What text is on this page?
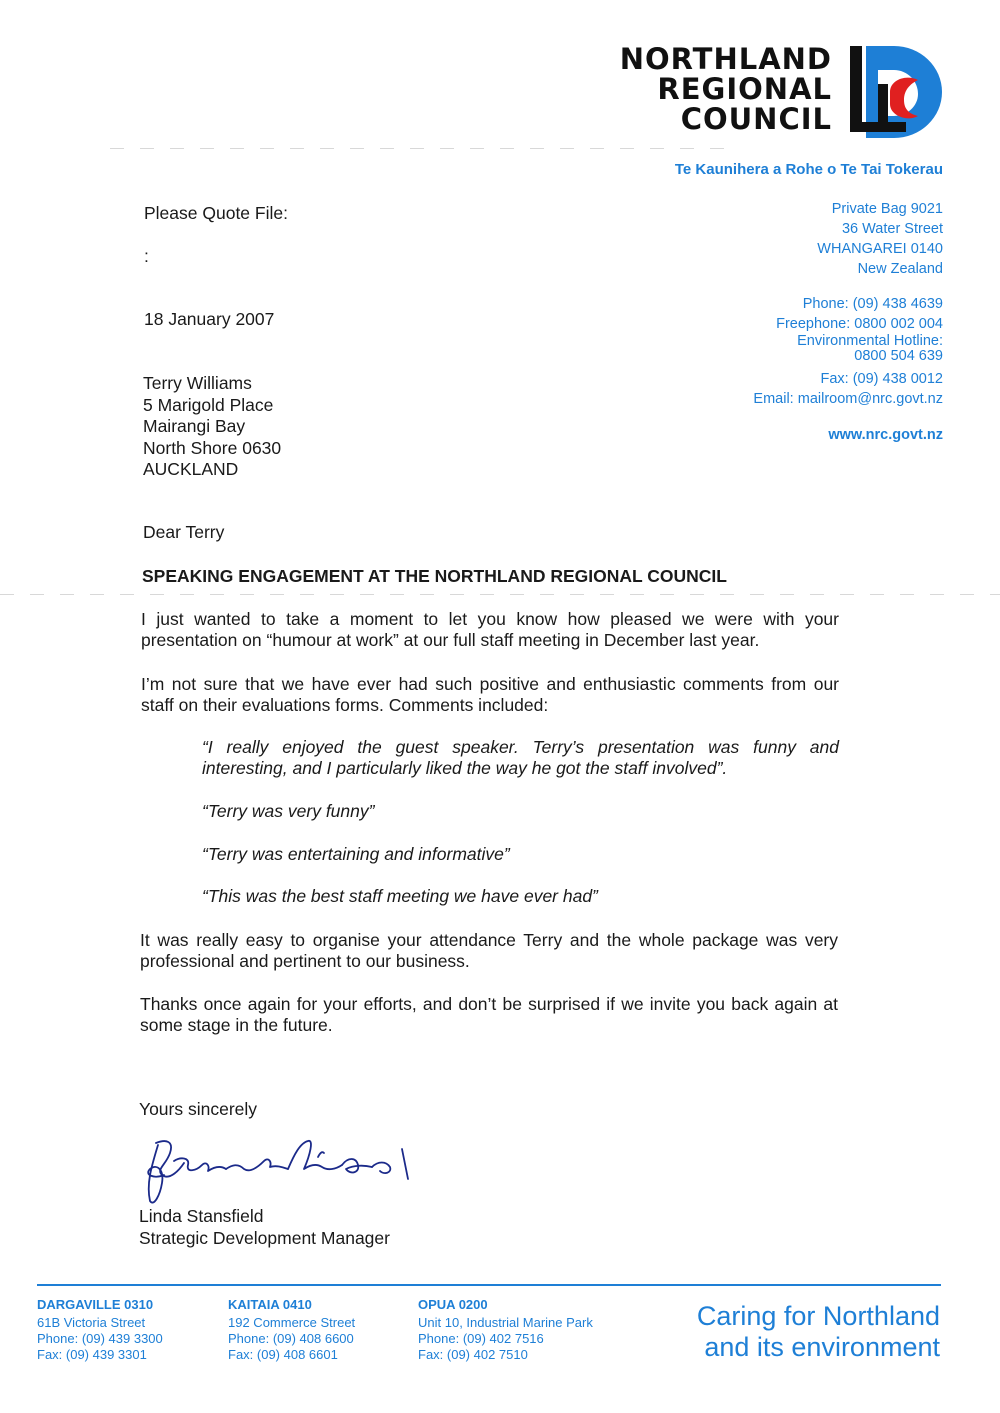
NORTHLAND
REGIONAL
COUNCIL
Te Kaunihera a Rohe o Te Tai Tokerau
Private Bag 9021
36 Water Street
WHANGAREI 0140
New Zealand
Phone: (09) 438 4639
Freephone: 0800 002 004
Environmental Hotline:
0800 504 639
Fax: (09) 438 0012
Email: mailroom@nrc.govt.nz
www.nrc.govt.nz
Please Quote File:
:
18 January 2007
Terry Williams
5 Marigold Place
Mairangi Bay
North Shore 0630
AUCKLAND
Dear Terry
SPEAKING ENGAGEMENT AT THE NORTHLAND REGIONAL COUNCIL
I just wanted to take a moment to let you know how pleased we were with your presentation on “humour at work” at our full staff meeting in December last year.
I’m not sure that we have ever had such positive and enthusiastic comments from our staff on their evaluations forms. Comments included:
“I really enjoyed the guest speaker. Terry’s presentation was funny and interesting, and I particularly liked the way he got the staff involved”.
“Terry was very funny”
“Terry was entertaining and informative”
“This was the best staff meeting we have ever had”
It was really easy to organise your attendance Terry and the whole package was very professional and pertinent to our business.
Thanks once again for your efforts, and don’t be surprised if we invite you back again at some stage in the future.
Yours sincerely
Linda Stansfield
Strategic Development Manager
DARGAVILLE 0310
61B Victoria Street
Phone: (09) 439 3300
Fax: (09) 439 3301
KAITAIA 0410
192 Commerce Street
Phone: (09) 408 6600
Fax: (09) 408 6601
OPUA 0200
Unit 10, Industrial Marine Park
Phone: (09) 402 7516
Fax: (09) 402 7510
Caring for Northland
and its environment
